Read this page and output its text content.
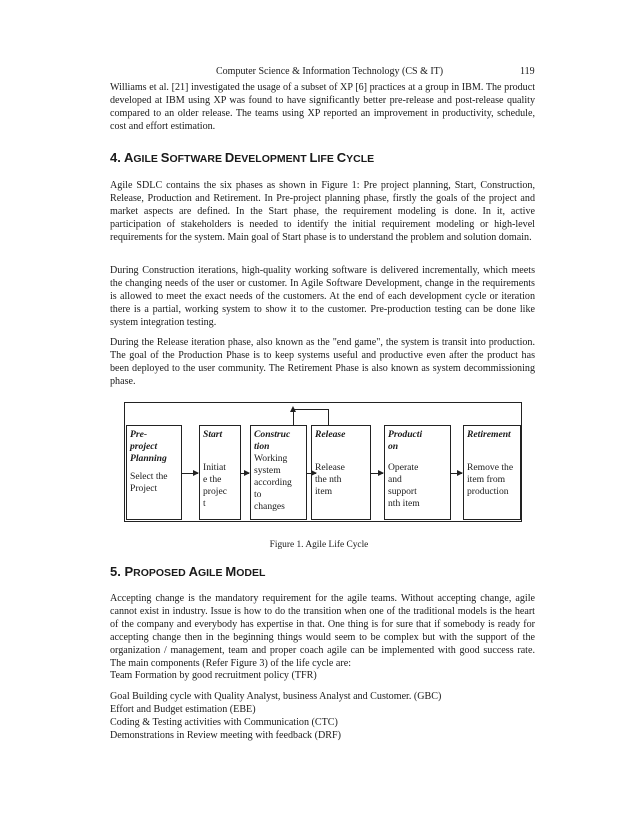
Computer Science & Information Technology (CS & IT)	119

Williams et al. [21] investigated the usage of a subset of XP [6] practices at a group in IBM. The product developed at IBM using XP was found to have significantly better pre-release and post-release quality compared to an older release. The teams using XP reported an improvement in productivity, schedule, cost and effort estimation.

4. AGILE SOFTWARE DEVELOPMENT LIFE CYCLE

Agile SDLC contains the six phases as shown in Figure 1: Pre project planning, Start, Construction, Release, Production and Retirement. In Pre-project planning phase, firstly the goals of the project and market aspects are defined. In the Start phase, the requirement modeling is done. In it, active participation of stakeholders is needed to identify the initial requirement modeling or high-level requirements for the system. Main goal of Start phase is to understand the problem and solution domain.

During Construction iterations, high-quality working software is delivered incrementally, which meets the changing needs of the user or customer. In Agile Software Development, change in the requirements is allowed to meet the exact needs of the customers. At the end of each development cycle or iteration there is a partial, working system to show it to the customer. Pre-production testing can be done like system integration testing.

During the Release iteration phase, also known as the "end game", the system is transit into production. The goal of the Production Phase is to keep systems useful and productive even after the product has been deployed to the user community. The Retirement Phase is also known as system decommissioning phase.

Pre-
project
Planning
Select the
Project
Start
Initiat
e the
projec
t
Construc
tion
Working
system
according
to
changes
Release
Release
the nth
item
Producti
on
Operate
and
support
nth item
Retirement
Remove the
item from
production
Figure 1. Agile Life Cycle
5. PROPOSED AGILE MODEL

Accepting change is the mandatory requirement for the agile teams. Without accepting change, agile cannot exist in industry. Issue is how to do the transition when one of the traditional models is the heart of the company and everybody has expertise in that. One thing is for sure that if somebody is ready for accepting change then in the beginning things would seem to be complex but with the support of the organization / management, team and proper coach agile can be implemented with good success rate. The main components (Refer Figure 3) of the life cycle are:

Team Formation by good recruitment policy (TFR)
Goal Building cycle with Quality Analyst, business Analyst and Customer. (GBC)
Effort and Budget estimation (EBE)
Coding & Testing activities with Communication (CTC)
Demonstrations in Review meeting with feedback (DRF)
